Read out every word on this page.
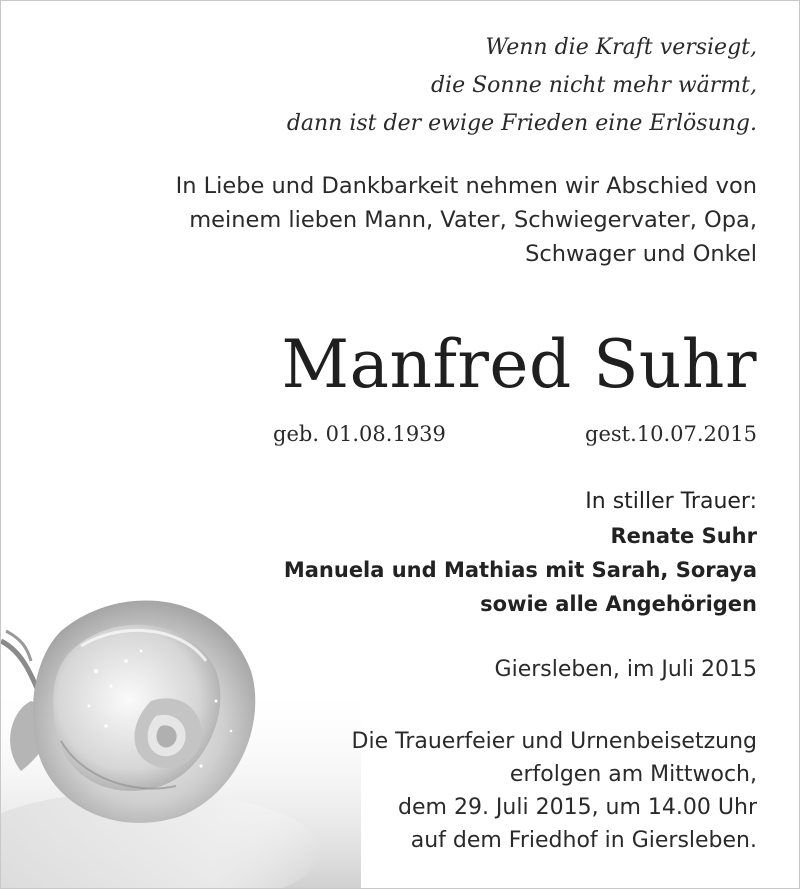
Wenn die Kraft versiegt,
die Sonne nicht mehr wärmt,
dann ist der ewige Frieden eine Erlösung.
In Liebe und Dankbarkeit nehmen wir Abschied von
meinem lieben Mann, Vater, Schwiegervater, Opa,
Schwager und Onkel
Manfred Suhr
geb. 01.08.1939	gest.10.07.2015
In stiller Trauer:
Renate Suhr
Manuela und Mathias mit Sarah, Soraya
sowie alle Angehörigen
Giersleben, im Juli 2015
Die Trauerfeier und Urnenbeisetzung
erfolgen am Mittwoch,
dem 29. Juli 2015, um 14.00 Uhr
auf dem Friedhof in Giersleben.
